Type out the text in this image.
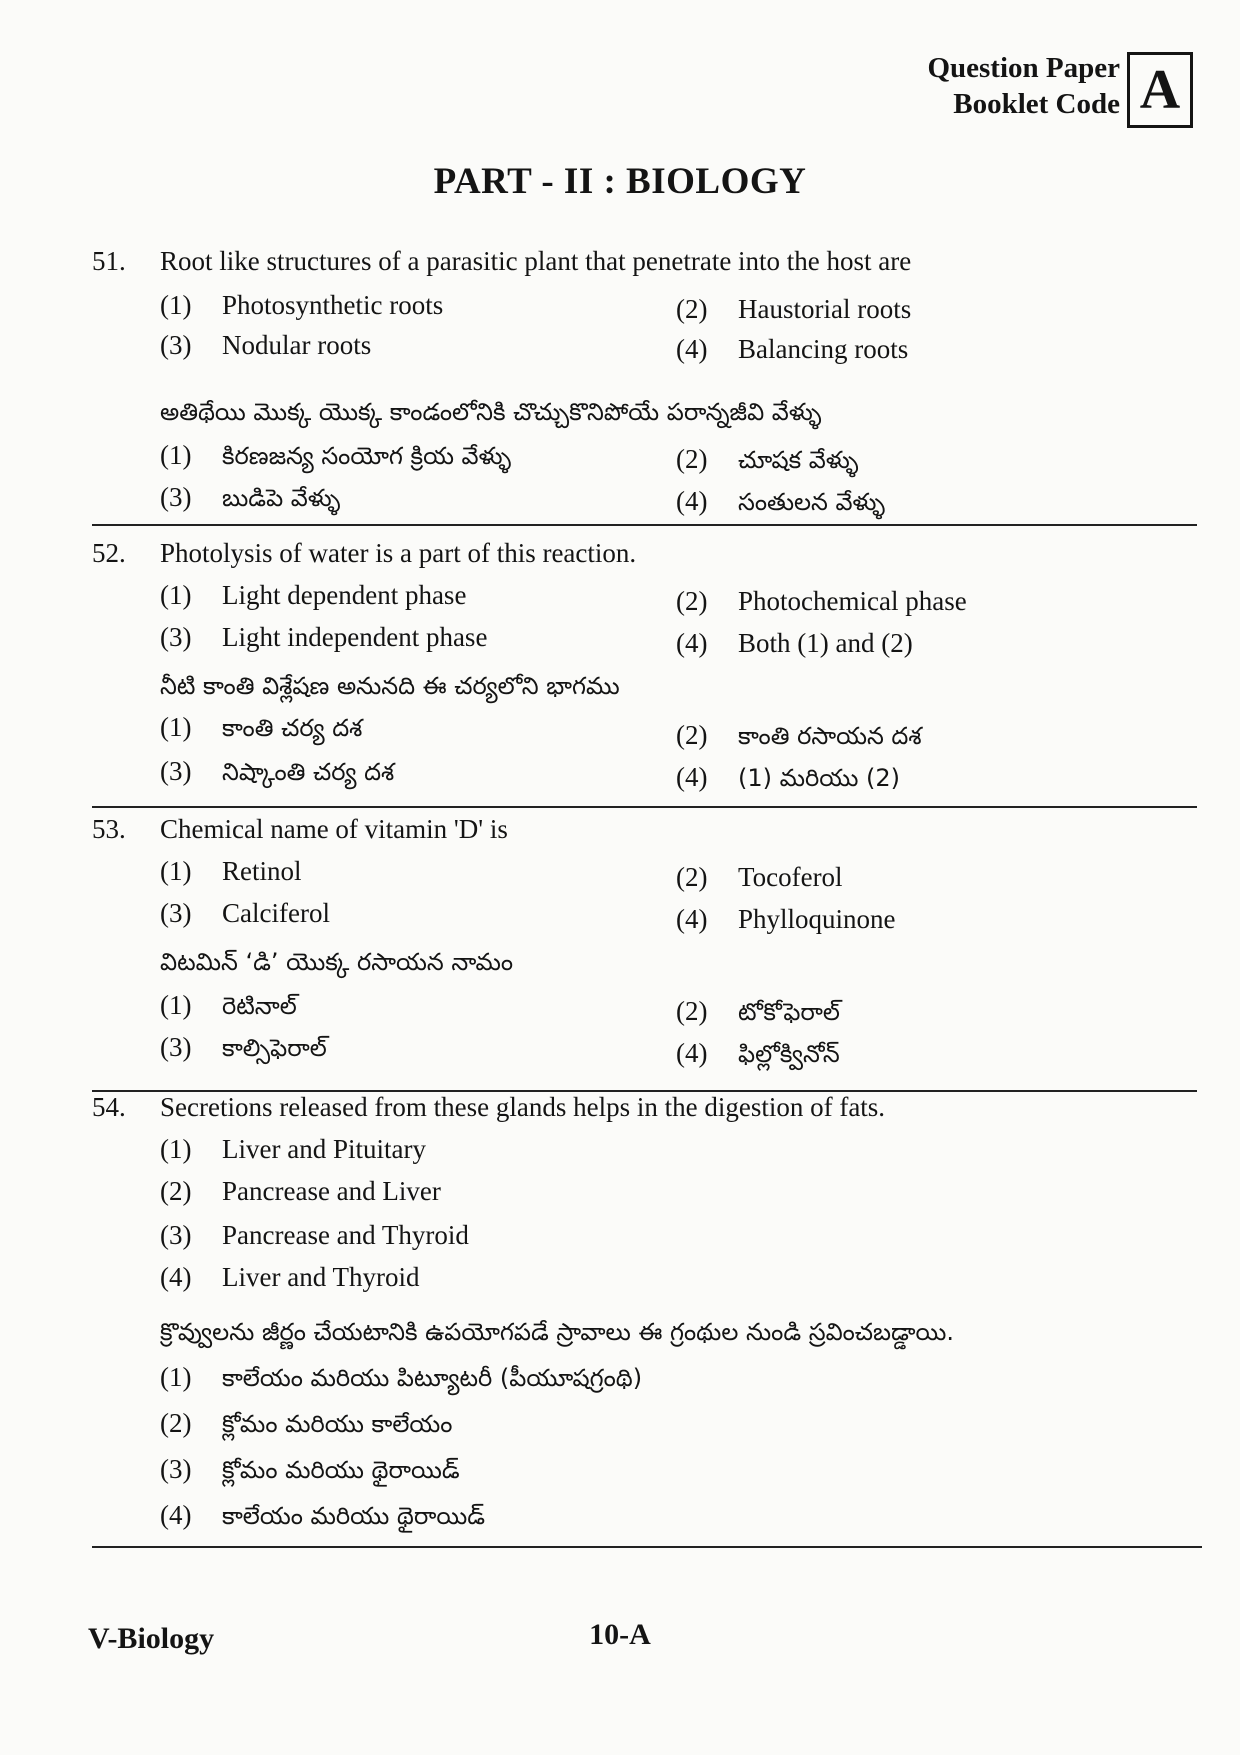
Question Paper
Booklet Code A
PART - II : BIOLOGY
51. Root like structures of a parasitic plant that penetrate into the host are
(1) Photosynthetic roots	(2) Haustorial roots
(3) Nodular roots	(4) Balancing roots
అతిథేయి మొక్క యొక్క కాండంలోనికి చొచ్చుకొనిపోయే పరాన్నజీవి వేళ్ళు
(1) కిరణజన్య సంయోగ క్రియ వేళ్ళు	(2) చూషక వేళ్ళు
(3) బుడిపె వేళ్ళు	(4) సంతులన వేళ్ళు
52. Photolysis of water is a part of this reaction.
(1) Light dependent phase	(2) Photochemical phase
(3) Light independent phase	(4) Both (1) and (2)
నీటి కాంతి విశ్లేషణ అనునది ఈ చర్యలోని భాగము
(1) కాంతి చర్య దశ	(2) కాంతి రసాయన దశ
(3) నిష్కాంతి చర్య దశ	(4) (1) మరియు (2)
53. Chemical name of vitamin 'D' is
(1) Retinol	(2) Tocoferol
(3) Calciferol	(4) Phylloquinone
విటమిన్ ‘డి’ యొక్క రసాయన నామం
(1) రెటినాల్	(2) టోకోఫెరాల్
(3) కాల్సిఫెరాల్	(4) ఫిల్లోక్వినోన్
54. Secretions released from these glands helps in the digestion of fats.
(1) Liver and Pituitary
(2) Pancrease and Liver
(3) Pancrease and Thyroid
(4) Liver and Thyroid
క్రొవ్వులను జీర్ణం చేయటానికి ఉపయోగపడే స్రావాలు ఈ గ్రంథుల నుండి స్రవించబడ్డాయి.
(1) కాలేయం మరియు పిట్యూటరీ (పీయూషగ్రంథి)
(2) క్లోమం మరియు కాలేయం
(3) క్లోమం మరియు థైరాయిడ్
(4) కాలేయం మరియు థైరాయిడ్
V-Biology	10-A
